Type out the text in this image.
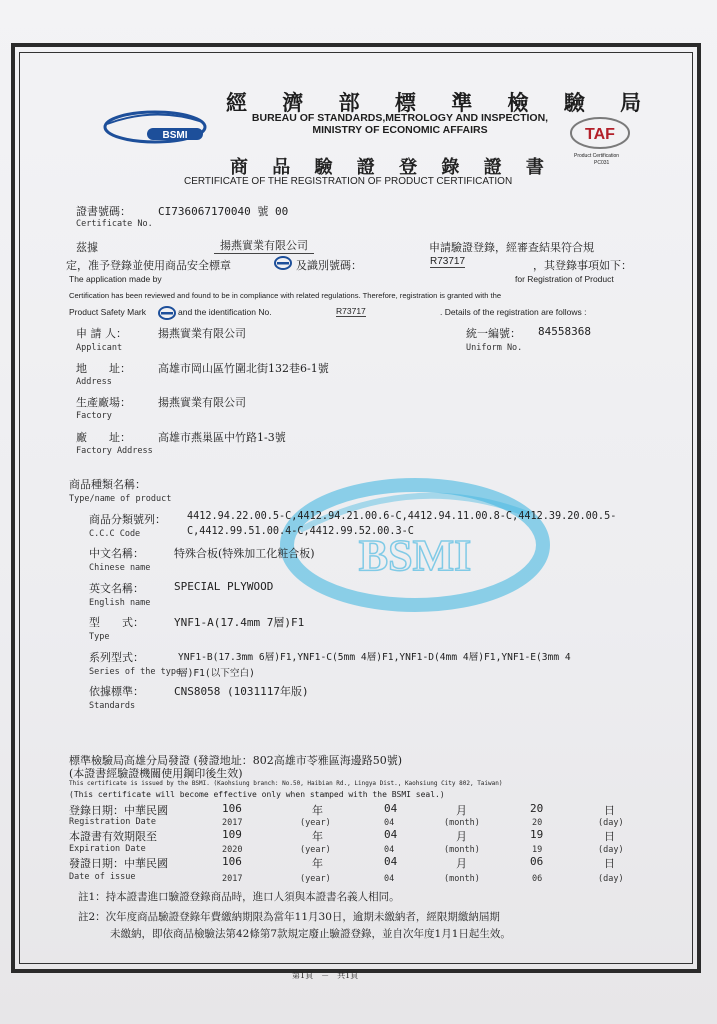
BSMI
BSMI	TAF
Product Certification
PC031
經 濟 部 標 準 檢 驗 局
BUREAU OF STANDARDS,METROLOGY AND INSPECTION,
MINISTRY OF ECONOMIC AFFAIRS
商 品 驗 證 登 錄 證 書
CERTIFICATE OF THE REGISTRATION OF PRODUCT CERTIFICATION
證書號碼： CI736067170040 號 00
Certificate No.
茲據	揚燕實業有限公司	申請驗證登錄，經審查結果符合規
定，准予登錄並使用商品安全標章	及識別號碼：	R73717	，其登錄事項如下：
The application made by	for Registration of Product
Certification has been reviewed and found to be in compliance with related regulations. Therefore, registration is granted with the
Product Safety Mark	and the identification No.	R73717	. Details of the registration are follows :
申 請 人：	揚燕實業有限公司
Applicant
統一編號： 84558368
Uniform No.
地　　址： 高雄市岡山區竹圍北街132巷6-1號
Address
生產廠場： 揚燕實業有限公司
Factory
廠　　址： 高雄市燕巢區中竹路1-3號
Factory Address
商品種類名稱：
Type/name of product
商品分類號列： 4412.94.22.00.5-C,4412.94.21.00.6-C,4412.94.11.00.8-C,4412.39.20.00.5-
C.C.C Code	C,4412.99.51.00.4-C,4412.99.52.00.3-C
中文名稱：	特殊合板(特殊加工化粧合板)
Chinese name
英文名稱：	SPECIAL PLYWOOD
English name
型　　式：	YNF1-A(17.4mm 7層)F1
Type
系列型式：	YNF1-B(17.3mm 6層)F1,YNF1-C(5mm 4層)F1,YNF1-D(4mm 4層)F1,YNF1-E(3mm 4
Series of the type
層)F1(以下空白)
依據標準：	CNS8058 (1031117年版)
Standards
標準檢驗局高雄分局發證 (發證地址：802高雄市苓雅區海邊路50號)
(本證書經驗證機關使用鋼印後生效)
This certificate is issued by the BSMI. (Kaohsiung branch: No.50, Haibian Rd., Lingya Dist., Kaohsiung City 802, Taiwan)
(This certificate will become effective only when stamped with the BSMI seal.)
登錄日期：中華民國	106	年	04	月	20	日
Registration Date	2017	(year)	04	(month)	20	(day)
本證書有效期限至	109	年	04	月	19	日
Expiration Date	2020	(year)	04	(month)	19	(day)
發證日期：中華民國	106	年	04	月	06	日
Date of issue	2017	(year)	04	(month)	06	(day)
註1：持本證書進口驗證登錄商品時，進口人須與本證書名義人相同。
註2：次年度商品驗證登錄年費繳納期限為當年11月30日，逾期未繳納者，經限期繳納屆期
未繳納，即依商品檢驗法第42條第7款規定廢止驗證登錄，並自次年度1月1日起生效。
第1頁　－　共1頁
